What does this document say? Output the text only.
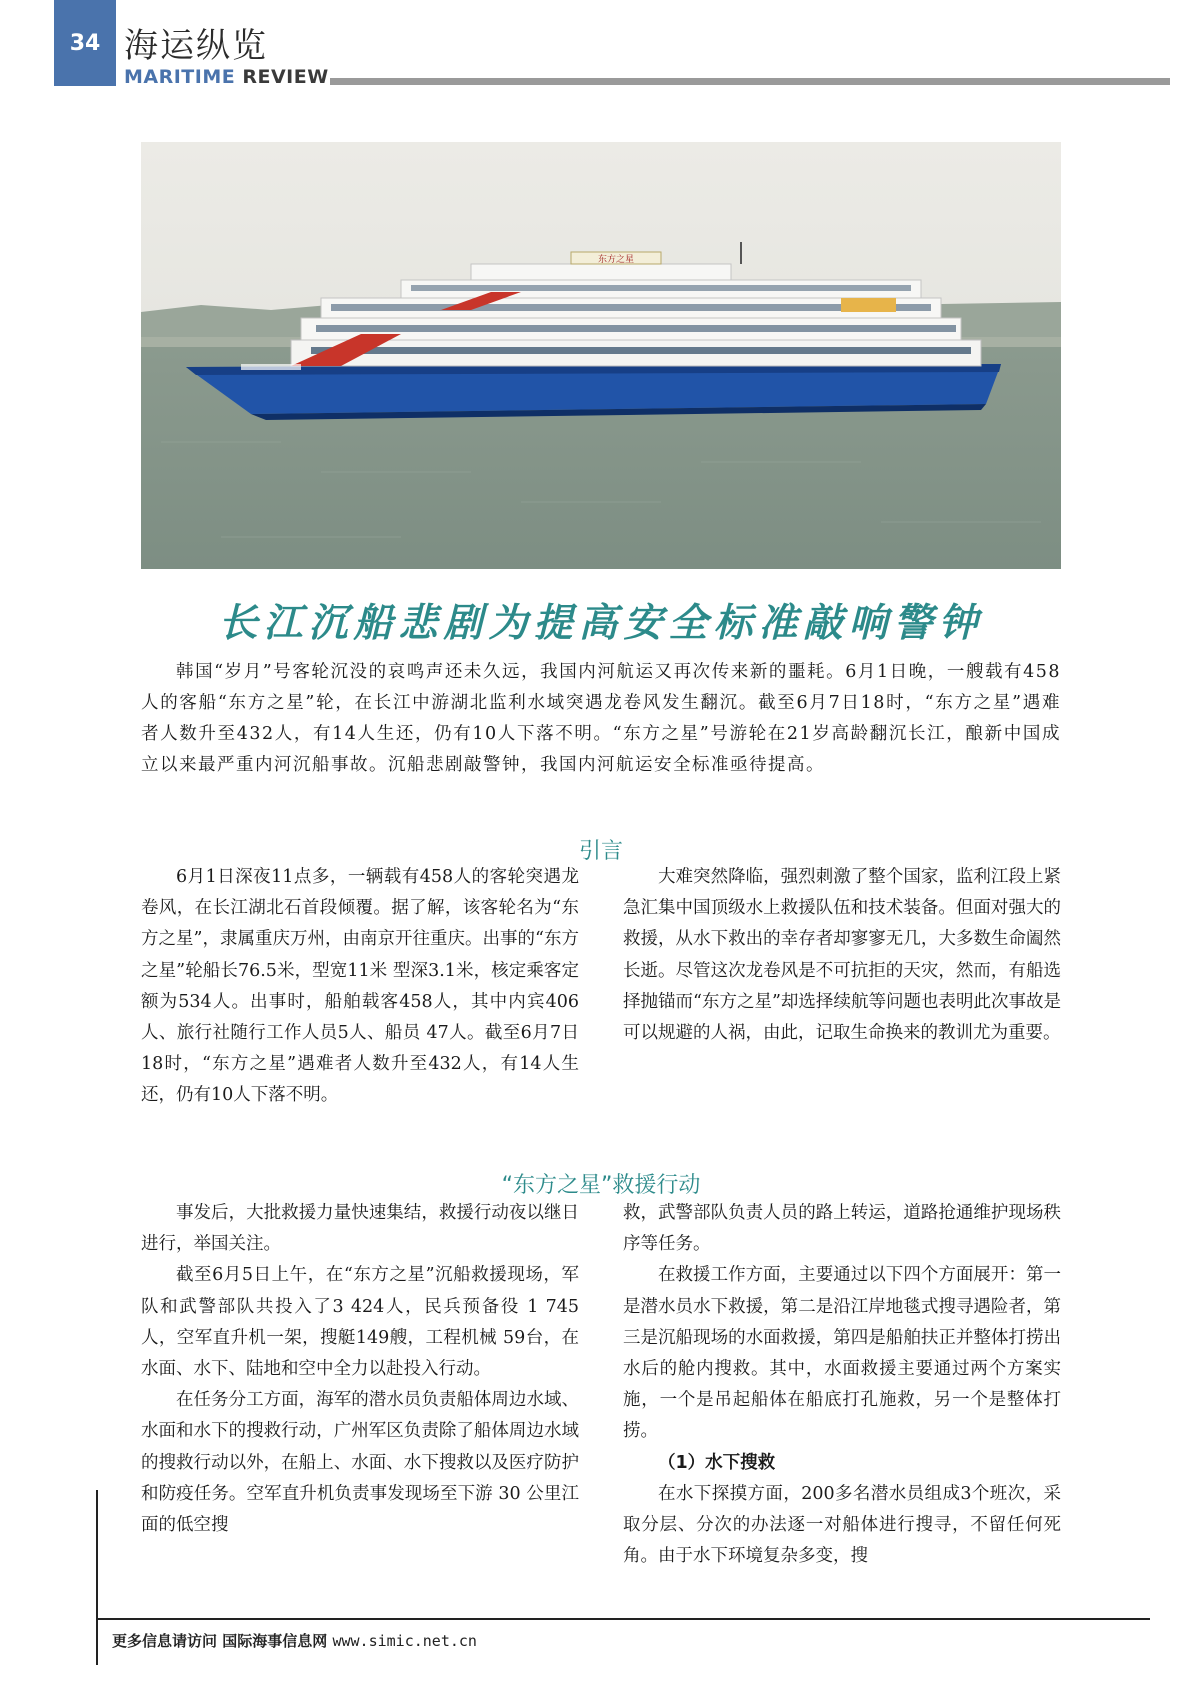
34 海运纵览
MARITIME REVIEW
东方之星
长江沉船悲剧为提高安全标准敲响警钟

韩国“岁月”号客轮沉没的哀鸣声还未久远，我国内河航运又再次传来新的噩耗。6月1日晚，一艘载有458人的客船“东方之星”轮，在长江中游湖北监利水域突遇龙卷风发生翻沉。截至6月7日18时，“东方之星”遇难者人数升至432人，有14人生还，仍有10人下落不明。“东方之星”号游轮在21岁高龄翻沉长江，酿新中国成立以来最严重内河沉船事故。沉船悲剧敲警钟，我国内河航运安全标准亟待提高。

引言

6月1日深夜11点多，一辆载有458人的客轮突遇龙卷风，在长江湖北石首段倾覆。据了解，该客轮名为“东方之星”，隶属重庆万州，由南京开往重庆。出事的“东方之星”轮船长76.5米，型宽11米 型深3.1米，核定乘客定额为534人。出事时，船舶载客458人，其中内宾406人、旅行社随行工作人员5人、船员 47人。截至6月7日18时，“东方之星”遇难者人数升至432人，有14人生还，仍有10人下落不明。

大难突然降临，强烈刺激了整个国家，监利江段上紧急汇集中国顶级水上救援队伍和技术装备。但面对强大的救援，从水下救出的幸存者却寥寥无几，大多数生命阖然长逝。尽管这次龙卷风是不可抗拒的天灾，然而，有船选择抛锚而“东方之星”却选择续航等问题也表明此次事故是可以规避的人祸，由此，记取生命换来的教训尤为重要。

“东方之星”救援行动

事发后，大批救援力量快速集结，救援行动夜以继日进行，举国关注。

截至6月5日上午，在“东方之星”沉船救援现场，军队和武警部队共投入了3 424人，民兵预备役 1 745人，空军直升机一架，搜艇149艘，工程机械 59台，在水面、水下、陆地和空中全力以赴投入行动。

在任务分工方面，海军的潜水员负责船体周边水域、水面和水下的搜救行动，广州军区负责除了船体周边水域的搜救行动以外，在船上、水面、水下搜救以及医疗防护和防疫任务。空军直升机负责事发现场至下游 30 公里江面的低空搜

救，武警部队负责人员的路上转运，道路抢通维护现场秩序等任务。

在救援工作方面，主要通过以下四个方面展开：第一是潜水员水下救援，第二是沿江岸地毯式搜寻遇险者，第三是沉船现场的水面救援，第四是船舶扶正并整体打捞出水后的舱内搜救。其中，水面救援主要通过两个方案实施，一个是吊起船体在船底打孔施救，另一个是整体打捞。

（1）水下搜救

在水下探摸方面，200多名潜水员组成3个班次，采取分层、分次的办法逐一对船体进行搜寻，不留任何死角。由于水下环境复杂多变，搜

更多信息请访问 国际海事信息网 www.simic.net.cn
